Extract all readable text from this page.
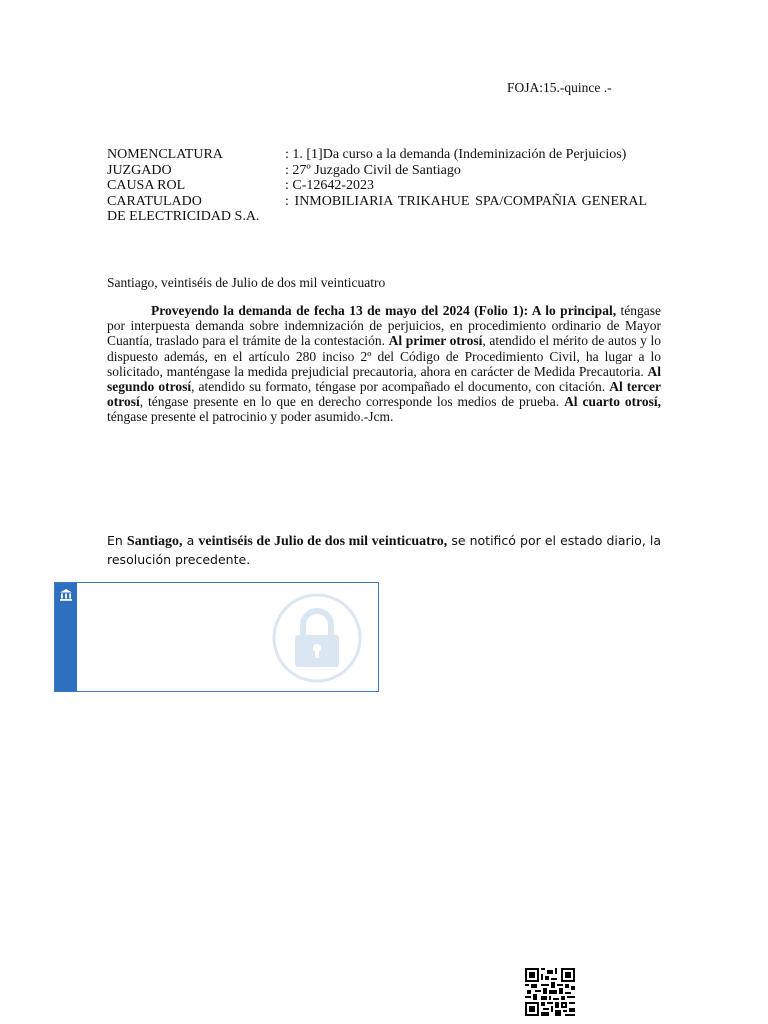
FOJA:15.-quince .-
NOMENCLATURA	: 1. [1]Da curso a la demanda (Indeminización de Perjuicios)
JUZGADO	: 27º Juzgado Civil de Santiago
CAUSA ROL	: C-12642-2023
CARATULADO	: INMOBILIARIA TRIKAHUE SPA/COMPAÑIA GENERAL DE ELECTRICIDAD S.A.
Santiago, veintiséis de Julio de dos mil veinticuatro
Proveyendo la demanda de fecha 13 de mayo del 2024 (Folio 1): A lo principal, téngase por interpuesta demanda sobre indemnización de perjuicios, en procedimiento ordinario de Mayor Cuantía, traslado para el trámite de la contestación. Al primer otrosí, atendido el mérito de autos y lo dispuesto además, en el artículo 280 inciso 2º del Código de Procedimiento Civil, ha lugar a lo solicitado, manténgase la medida prejudicial precautoria, ahora en carácter de Medida Precautoria. Al segundo otrosí, atendido su formato, téngase por acompañado el documento, con citación. Al tercer otrosí, téngase presente en lo que en derecho corresponde los medios de prueba. Al cuarto otrosí, téngase presente el patrocinio y poder asumido.-Jcm.
En Santiago, a veintiséis de Julio de dos mil veinticuatro, se notificó por el estado diario, la resolución precedente.
